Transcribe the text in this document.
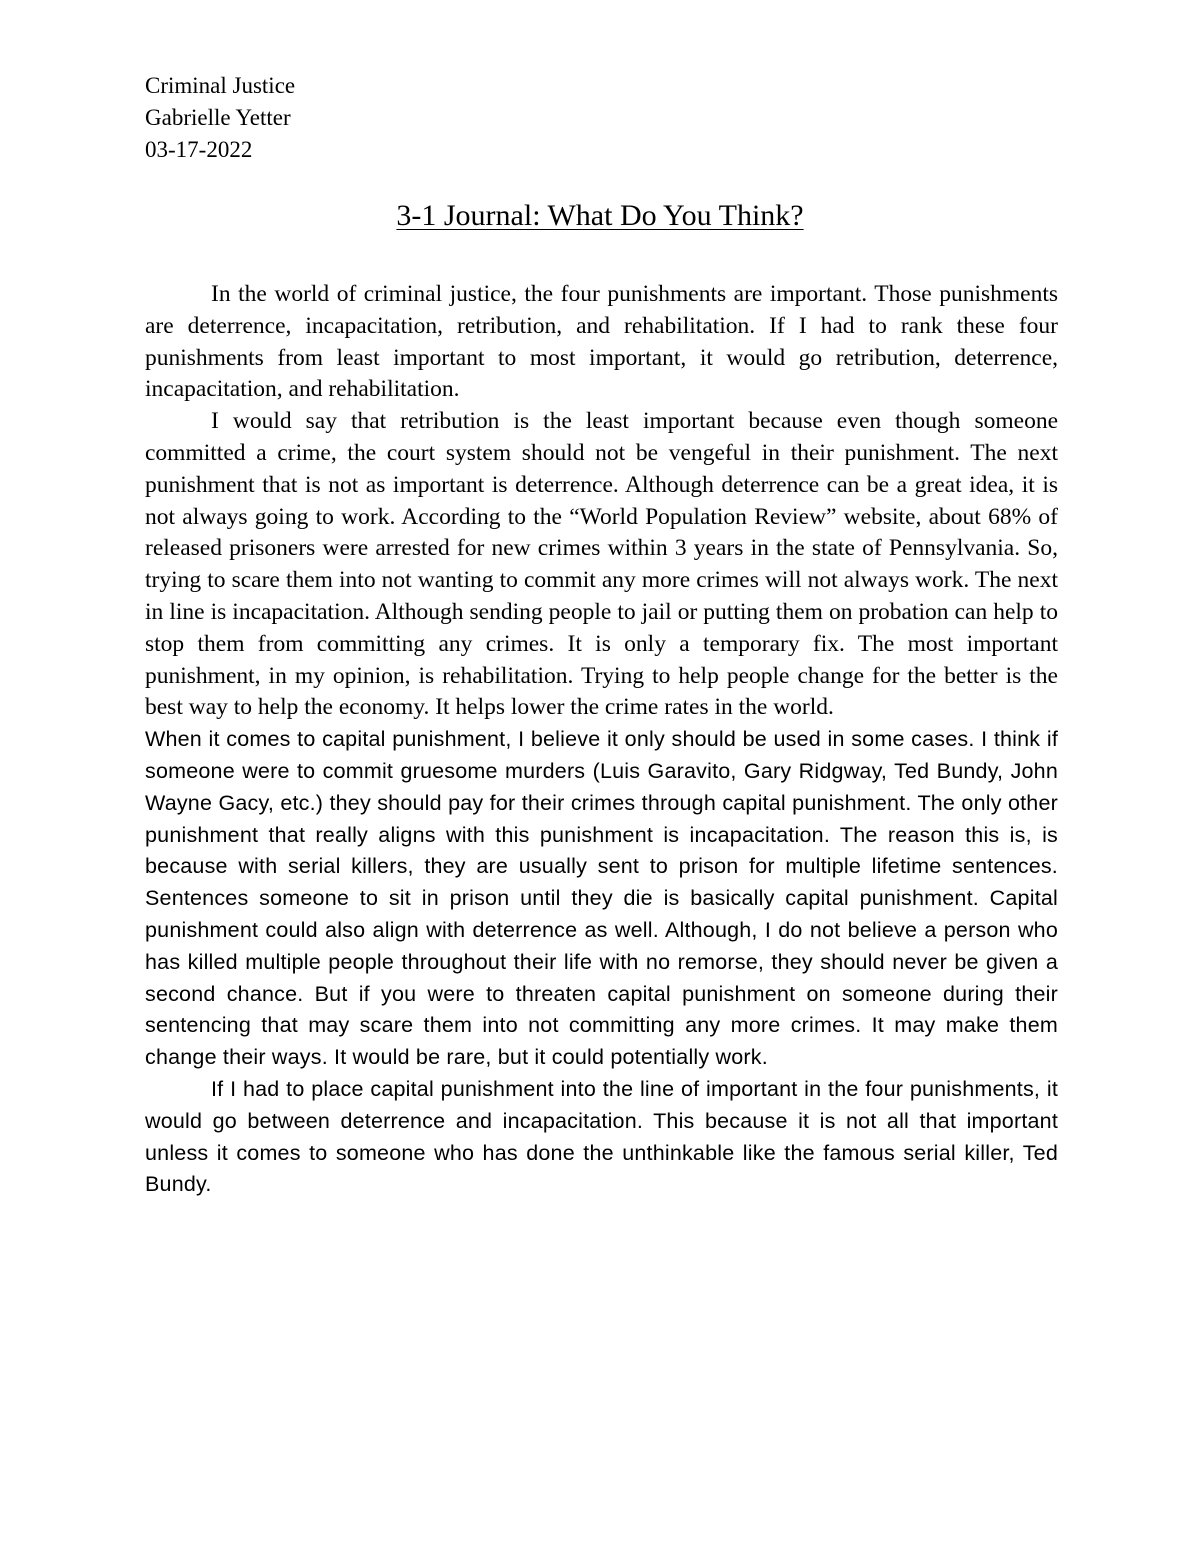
Criminal Justice
Gabrielle Yetter
03-17-2022
3-1 Journal: What Do You Think?

In the world of criminal justice, the four punishments are important. Those punishments are deterrence, incapacitation, retribution, and rehabilitation. If I had to rank these four punishments from least important to most important, it would go retribution, deterrence, incapacitation, and rehabilitation.

I would say that retribution is the least important because even though someone committed a crime, the court system should not be vengeful in their punishment. The next punishment that is not as important is deterrence. Although deterrence can be a great idea, it is not always going to work. According to the “World Population Review” website, about 68% of released prisoners were arrested for new crimes within 3 years in the state of Pennsylvania. So, trying to scare them into not wanting to commit any more crimes will not always work. The next in line is incapacitation. Although sending people to jail or putting them on probation can help to stop them from committing any crimes. It is only a temporary fix. The most important punishment, in my opinion, is rehabilitation. Trying to help people change for the better is the best way to help the economy. It helps lower the crime rates in the world.

When it comes to capital punishment, I believe it only should be used in some cases. I think if someone were to commit gruesome murders (Luis Garavito, Gary Ridgway, Ted Bundy, John Wayne Gacy, etc.) they should pay for their crimes through capital punishment. The only other punishment that really aligns with this punishment is incapacitation. The reason this is, is because with serial killers, they are usually sent to prison for multiple lifetime sentences. Sentences someone to sit in prison until they die is basically capital punishment. Capital punishment could also align with deterrence as well. Although, I do not believe a person who has killed multiple people throughout their life with no remorse, they should never be given a second chance. But if you were to threaten capital punishment on someone during their sentencing that may scare them into not committing any more crimes. It may make them change their ways. It would be rare, but it could potentially work.

If I had to place capital punishment into the line of important in the four punishments, it would go between deterrence and incapacitation. This because it is not all that important unless it comes to someone who has done the unthinkable like the famous serial killer, Ted Bundy.
